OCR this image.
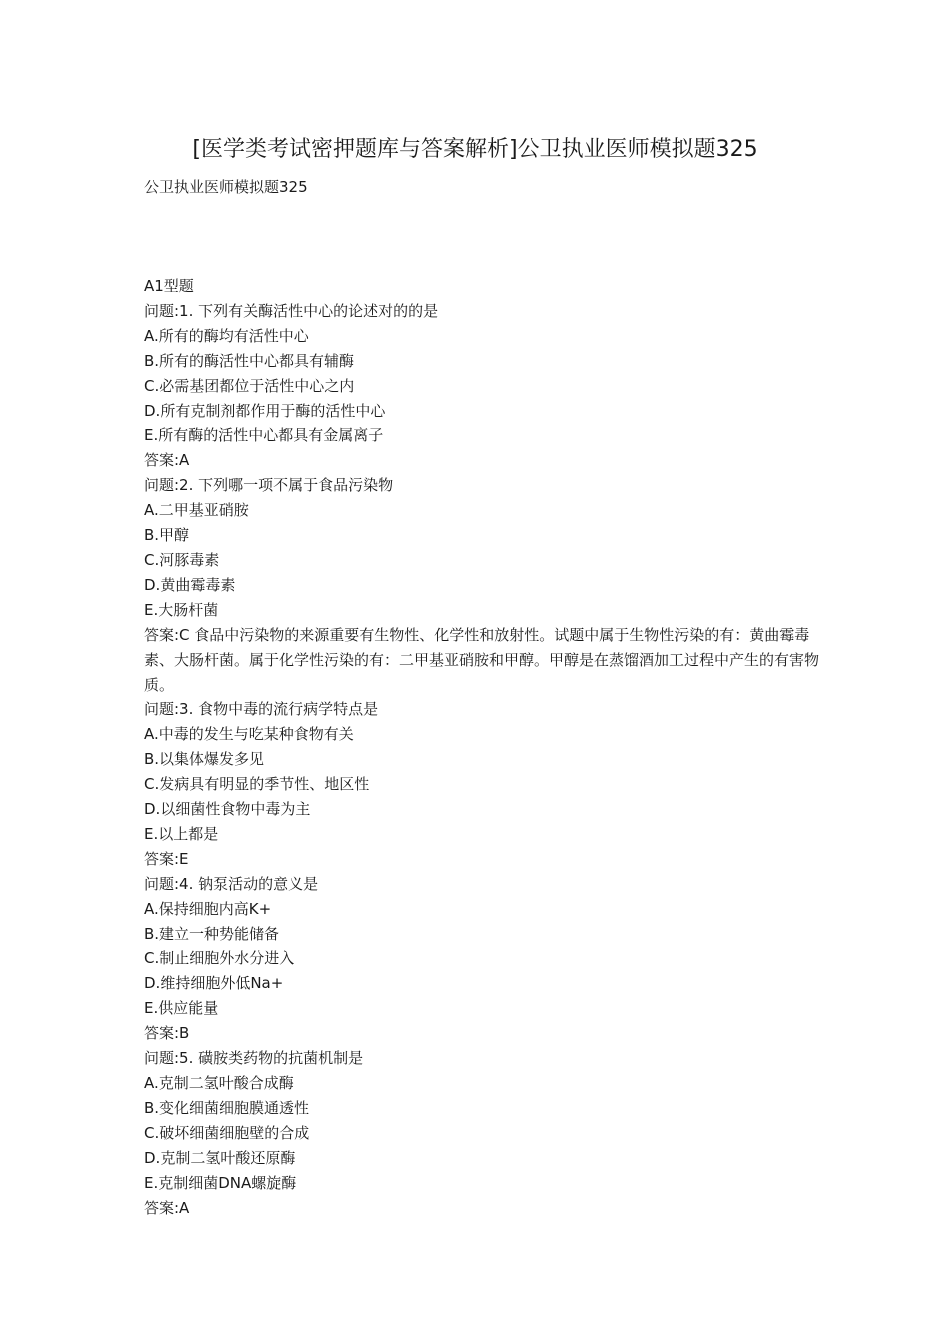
[医学类考试密押题库与答案解析]公卫执业医师模拟题325
公卫执业医师模拟题325
A1型题
问题:1. 下列有关酶活性中心的论述对的的是
A.所有的酶均有活性中心
B.所有的酶活性中心都具有辅酶
C.必需基团都位于活性中心之内
D.所有克制剂都作用于酶的活性中心
E.所有酶的活性中心都具有金属离子
答案:A
问题:2. 下列哪一项不属于食品污染物
A.二甲基亚硝胺
B.甲醇
C.河豚毒素
D.黄曲霉毒素
E.大肠杆菌
答案:C 食品中污染物的来源重要有生物性、化学性和放射性。试题中属于生物性污染的有：黄曲霉毒素、大肠杆菌。属于化学性污染的有：二甲基亚硝胺和甲醇。甲醇是在蒸馏酒加工过程中产生的有害物质。
问题:3. 食物中毒的流行病学特点是
A.中毒的发生与吃某种食物有关
B.以集体爆发多见
C.发病具有明显的季节性、地区性
D.以细菌性食物中毒为主
E.以上都是
答案:E
问题:4. 钠泵活动的意义是
A.保持细胞内高K+
B.建立一种势能储备
C.制止细胞外水分进入
D.维持细胞外低Na+
E.供应能量
答案:B
问题:5. 磺胺类药物的抗菌机制是
A.克制二氢叶酸合成酶
B.变化细菌细胞膜通透性
C.破坏细菌细胞壁的合成
D.克制二氢叶酸还原酶
E.克制细菌DNA螺旋酶
答案:A
